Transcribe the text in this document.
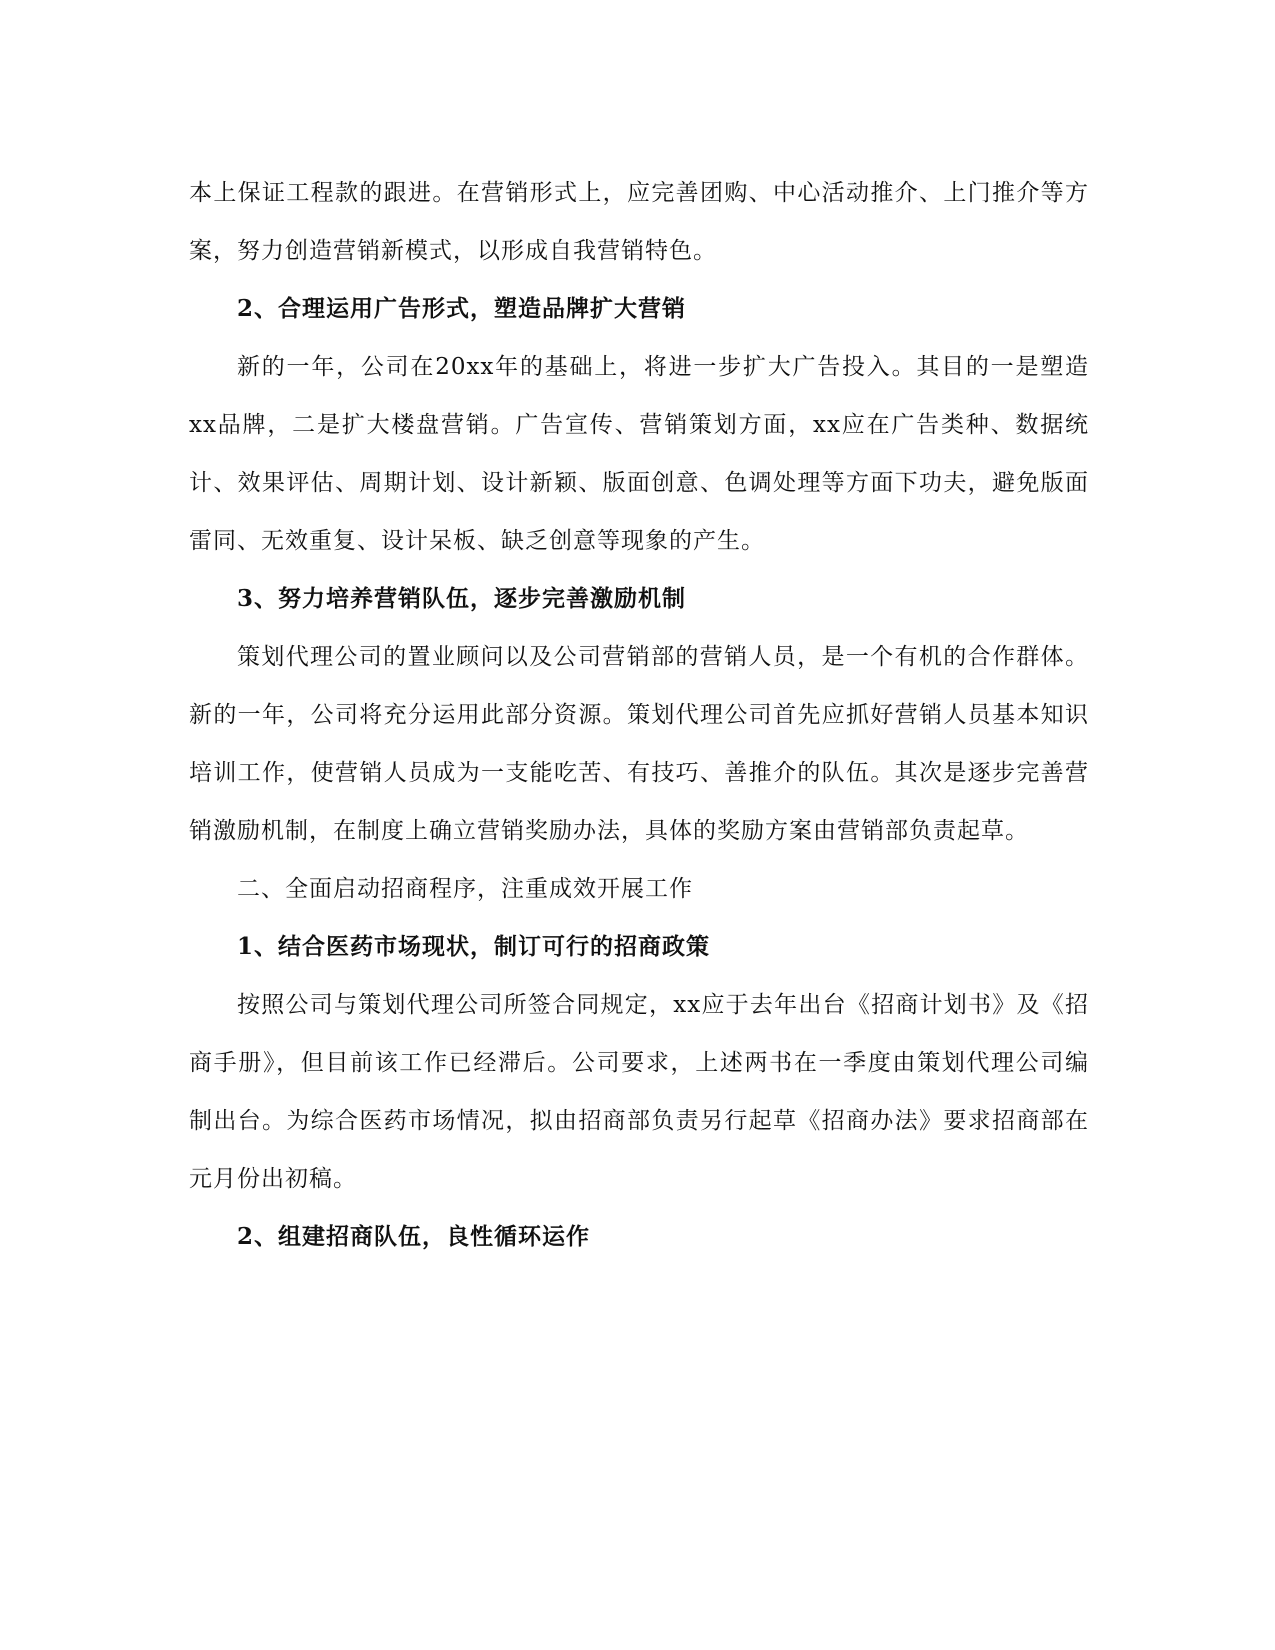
本上保证工程款的跟进。在营销形式上，应完善团购、中心活动推介、上门推介等方案，努力创造营销新模式，以形成自我营销特色。

2、合理运用广告形式，塑造品牌扩大营销

新的一年，公司在20xx年的基础上，将进一步扩大广告投入。其目的一是塑造xx品牌，二是扩大楼盘营销。广告宣传、营销策划方面，xx应在广告类种、数据统计、效果评估、周期计划、设计新颖、版面创意、色调处理等方面下功夫，避免版面雷同、无效重复、设计呆板、缺乏创意等现象的产生。

3、努力培养营销队伍，逐步完善激励机制

策划代理公司的置业顾问以及公司营销部的营销人员，是一个有机的合作群体。新的一年，公司将充分运用此部分资源。策划代理公司首先应抓好营销人员基本知识培训工作，使营销人员成为一支能吃苦、有技巧、善推介的队伍。其次是逐步完善营销激励机制，在制度上确立营销奖励办法，具体的奖励方案由营销部负责起草。

二、全面启动招商程序，注重成效开展工作

1、结合医药市场现状，制订可行的招商政策

按照公司与策划代理公司所签合同规定，xx应于去年出台《招商计划书》及《招商手册》，但目前该工作已经滞后。公司要求，上述两书在一季度由策划代理公司编制出台。为综合医药市场情况，拟由招商部负责另行起草《招商办法》要求招商部在元月份出初稿。

2、组建招商队伍，良性循环运作
